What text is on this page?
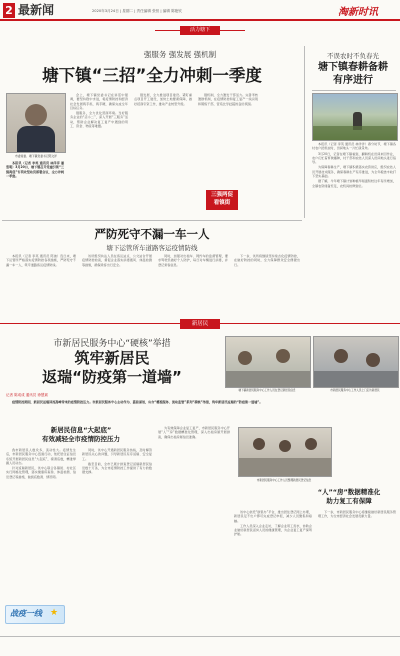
2 最新闻	2020年3月24日 | 星期二 | 责任编辑 张恒 | 编辑 陈艳钦	淘新时讯
活力塘下
强服务 强发展 强机制
塘下镇“三招”全力冲刺一季度
市委常委、塘下镇党委书记陈文洋

本报讯（记者 李英 通讯员 林洋洋 潘雪明）3月20日，塘下镇召开党建引领“三强两促”专项攻坚动员部署会议，全力冲刺一季度。

会上，塘下镇党委书记在讲话中强调，要坚持稳中求进，将疫情防控和经济社会发展两手抓、两手硬，确保完成全年目标任务。

强服务，全力优化营商环境。当好服务企业的“店小二”，深入开展“三服务”活动，帮助企业解决复工复产中遇到的用工、资金、物流等难题。

强发展，全力推进项目建设。紧盯重点项目开工建设，加快土地要素保障，做好招商引资工作，推动产业转型升级。

强机制，全力激发干部活力。完善考核激励机制，在疫情防控和复工复产一线识别和锻炼干部，营造比学赶超的良好氛围。

三强两促
看镇街
不误农时不负春光
塘下镇春耕备耕
有序进行

本报讯（记者 李英 通讯员 林洋洋）春分时节，塘下镇各村农户抢抓农时，田间地头一片忙碌景象。

3月20日，记者在塘下镇看到，翻耕机在田间来回作业，农户们忙着育秧播种，村干部和农技人员深入田间地头进行指导。

为保障春耕生产，塘下镇积极落实农资供应，组织农技人员开展技术服务，确保春耕生产有序推进，为全年粮食丰收打下坚实基础。

据了解，今年塘下镇计划种植早稻面积较往年有所增加，全镇农资储备充足，农机具检修到位。

严防死守不漏一车一人
塘下运管所车道路客运疫情防线

本报讯（记者 李英 通讯员 陈迪）连日来，塘下运管所严格落实疫情防控各项措施，严防死守不漏一车一人，筑牢道路客运疫情防线。

该所组织执法人员在客运站点、公交站台开展疫情防控检查，督促企业落实消毒通风、体温检测等措施，确保乘客出行安全。

同时，加强对出租车、网约车的监督管理，要求驾驶员做好个人防护，每日对车辆进行消毒，并登记乘客信息。

下一步，该所将继续坚持常态化疫情防控，在做好防控的同时，全力保障群众安全便捷出行。

新居民
市新居民服务中心“硬核”举措
筑牢新居民
返瑞“防疫第一道墙”
记者 陈成成 通讯员 徐慧斌

疫情防控期间，新居民返瑞回流高峰带来的疫情防控压力。市新居民服务中心主动作为、靠前谋划，出台“精准服务、流动监管”系列“硬核”举措，筑牢新居民返瑞的“防疫第一道墙”。

塘下镇新居民服务中心工作人员在登记新居民信息	市新居民服务中心工作人员上门走访新居民
市新居民服务中心工作人员整理新居民登记信息
新居民信息“大起底”
有效减轻全市疫情防控压力

我市新居民人数众多，流动性大。疫情发生后，市新居民服务中心迅速行动，依托居住证信息系统开展新居民信息“大起底”，摸清底数，精准掌握人员动态。

针对返瑞新居民，该中心联合各镇街、村社区实行网格化管理，落实健康码查验、体温检测、信息登记等措施，做到底数清、情况明。

同时，该中心开通新居民服务热线，及时解答新居民关心的问题，引导新居民有序返瑞、安全复工。

截至目前，全市已累计排查登记返瑞新居民信息数十万条，为全市疫情防控工作提供了有力的数据支撑。

为有效保障企业复工复产，市新居民服务中心开展“人”“房”数据精准化管理，深入出租房屋开展排查，确保出租房屋信息准确。

“人”“房”数据精准化
助力复工有保障

该中心依托“浙里办”平台，推出居住登记网上办理，新居民足不出户即可完成登记申报，减少人员聚集和接触。

工作人员深入企业走访，了解企业用工需求，协助企业做好新居民返岗人员的健康管理，为企业复工复产保驾护航。

下一步，市新居民服务中心将继续做好新居民服务管理工作，为全市经济社会发展贡献力量。

战疫一线 ★
